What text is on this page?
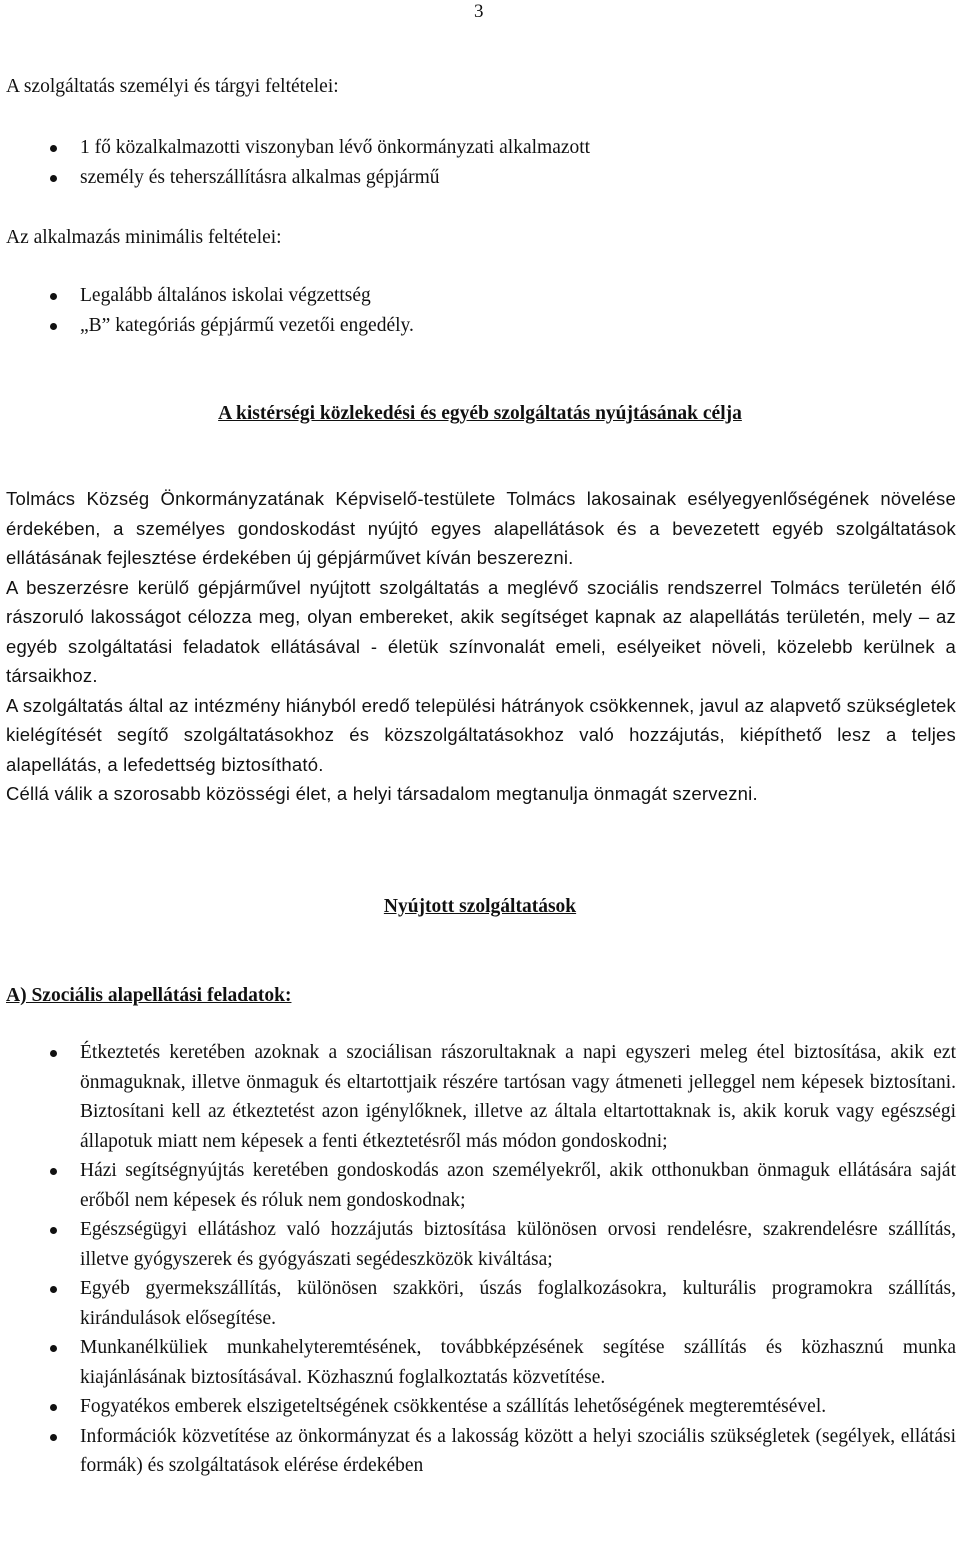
3
A szolgáltatás személyi és tárgyi feltételei:
1 fő közalkalmazotti viszonyban lévő önkormányzati alkalmazott
személy és teherszállításra alkalmas gépjármű
Az alkalmazás minimális feltételei:
Legalább általános iskolai végzettség
„B” kategóriás gépjármű vezetői engedély.
A kistérségi közlekedési és egyéb szolgáltatás nyújtásának célja

Tolmács Község Önkormányzatának Képviselő-testülete Tolmács lakosainak esélyegyenlőségének növelése érdekében, a személyes gondoskodást nyújtó egyes alapellátások és a bevezetett egyéb szolgáltatások ellátásának fejlesztése érdekében új gépjárművet kíván beszerezni.

A beszerzésre kerülő gépjárművel nyújtott szolgáltatás a meglévő szociális rendszerrel Tolmács területén élő rászoruló lakosságot célozza meg, olyan embereket, akik segítséget kapnak az alapellátás területén, mely – az egyéb szolgáltatási feladatok ellátásával - életük színvonalát emeli, esélyeiket növeli, közelebb kerülnek a társaikhoz.

A szolgáltatás által az intézmény hiányból eredő települési hátrányok csökkennek, javul az alapvető szükségletek kielégítését segítő szolgáltatásokhoz és közszolgáltatásokhoz való hozzájutás, kiépíthető lesz a teljes alapellátás, a lefedettség biztosítható.

Céllá válik a szorosabb közösségi élet, a helyi társadalom megtanulja önmagát szervezni.

Nyújtott szolgáltatások
A) Szociális alapellátási feladatok:
Étkeztetés keretében azoknak a szociálisan rászorultaknak a napi egyszeri meleg étel biztosítása, akik ezt önmaguknak, illetve önmaguk és eltartottjaik részére tartósan vagy átmeneti jelleggel nem képesek biztosítani. Biztosítani kell az étkeztetést azon igénylőknek, illetve az általa eltartottaknak is, akik koruk vagy egészségi állapotuk miatt nem képesek a fenti étkeztetésről más módon gondoskodni;
Házi segítségnyújtás keretében gondoskodás azon személyekről, akik otthonukban önmaguk ellátására saját erőből nem képesek és róluk nem gondoskodnak;
Egészségügyi ellátáshoz való hozzájutás biztosítása különösen orvosi rendelésre, szakrendelésre szállítás, illetve gyógyszerek és gyógyászati segédeszközök kiváltása;
Egyéb gyermekszállítás, különösen szakköri, úszás foglalkozásokra, kulturális programokra szállítás, kirándulások elősegítése.
Munkanélküliek munkahelyteremtésének, továbbképzésének segítése szállítás és közhasznú munka kiajánlásának biztosításával. Közhasznú foglalkoztatás közvetítése.
Fogyatékos emberek elszigeteltségének csökkentése a szállítás lehetőségének megteremtésével.
Információk közvetítése az önkormányzat és a lakosság között a helyi szociális szükségletek (segélyek, ellátási formák) és szolgáltatások elérése érdekében
